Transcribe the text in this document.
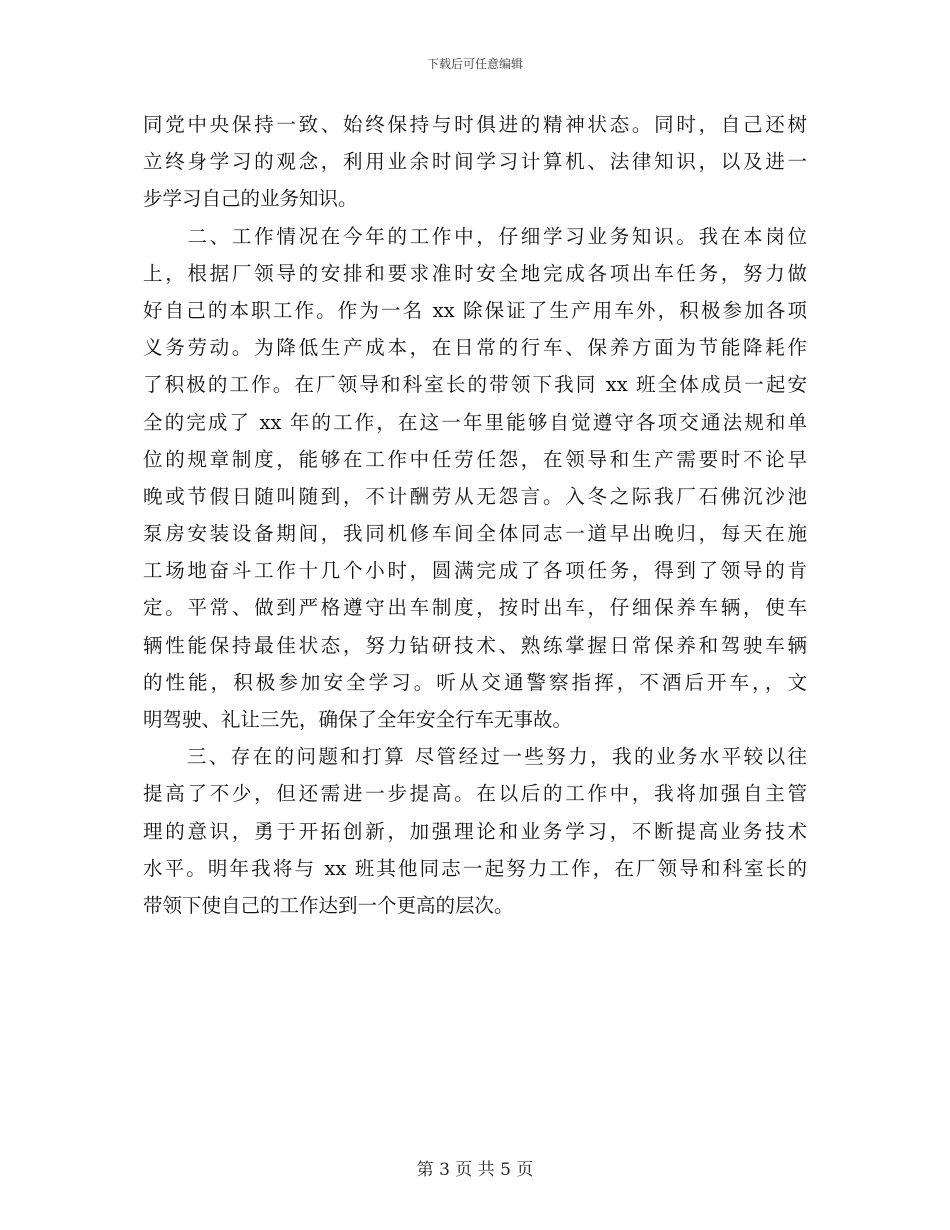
下载后可任意编辑
同党中央保持一致、始终保持与时俱进的精神状态。同时，自己还树
立终身学习的观念，利用业余时间学习计算机、法律知识，以及进一
步学习自己的业务知识。
　　二、工作情况在今年的工作中，仔细学习业务知识。我在本岗位
上，根据厂领导的安排和要求准时安全地完成各项出车任务，努力做
好自己的本职工作。作为一名 xx 除保证了生产用车外，积极参加各项
义务劳动。为降低生产成本，在日常的行车、保养方面为节能降耗作
了积极的工作。在厂领导和科室长的带领下我同 xx 班全体成员一起安
全的完成了 xx 年的工作，在这一年里能够自觉遵守各项交通法规和单
位的规章制度，能够在工作中任劳任怨，在领导和生产需要时不论早
晚或节假日随叫随到，不计酬劳从无怨言。入冬之际我厂石佛沉沙池
泵房安装设备期间，我同机修车间全体同志一道早出晚归，每天在施
工场地奋斗工作十几个小时，圆满完成了各项任务，得到了领导的肯
定。平常、做到严格遵守出车制度，按时出车，仔细保养车辆，使车
辆性能保持最佳状态，努力钻研技术、熟练掌握日常保养和驾驶车辆
的性能，积极参加安全学习。听从交通警察指挥，不酒后开车，，文
明驾驶、礼让三先，确保了全年安全行车无事故。
　　三、存在的问题和打算 尽管经过一些努力，我的业务水平较以往
提高了不少，但还需进一步提高。在以后的工作中，我将加强自主管
理的意识，勇于开拓创新，加强理论和业务学习，不断提高业务技术
水平。明年我将与 xx 班其他同志一起努力工作，在厂领导和科室长的
带领下使自己的工作达到一个更高的层次。
第 3 页 共 5 页
